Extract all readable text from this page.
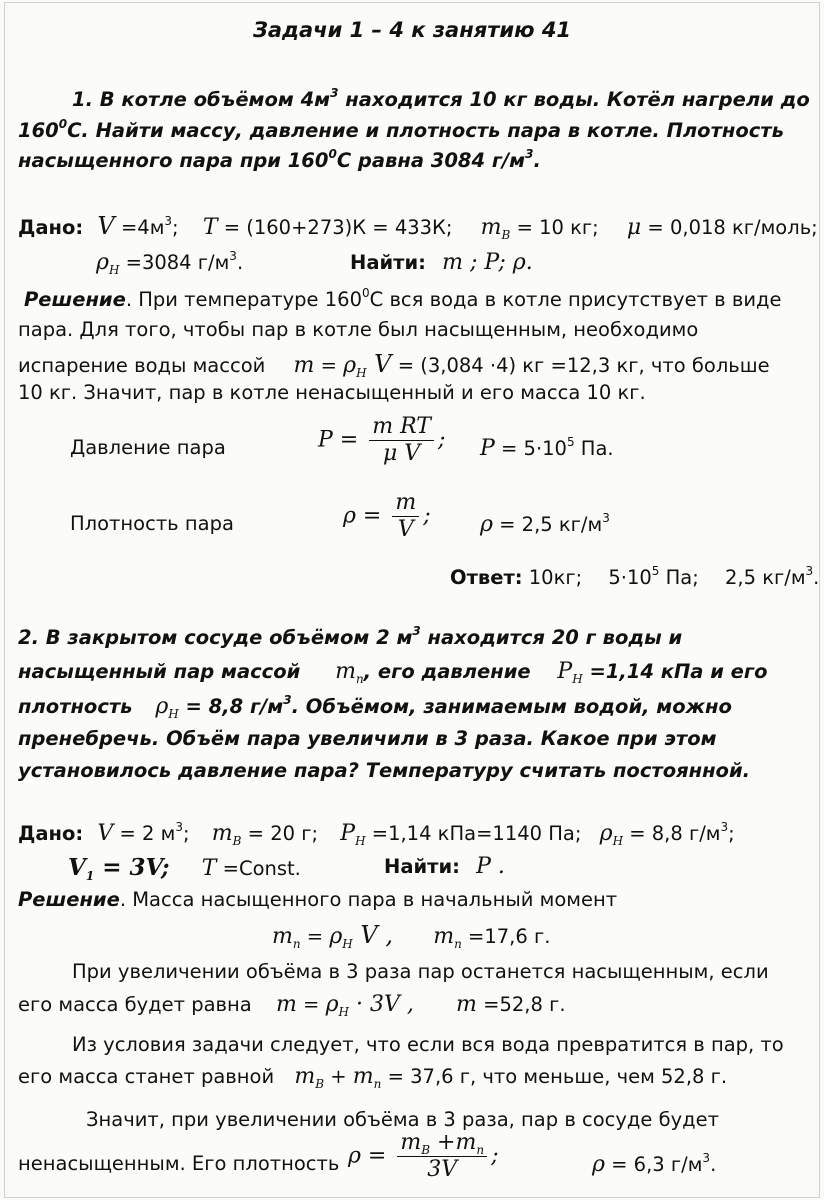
Задачи 1 – 4 к занятию 41
1. В котле объёмом $4м^3$ находится 10 кг воды. Котёл нагрели до
$160^0С$. Найти массу, давление и плотность пара в котле. Плотность
насыщенного пара при $160^0С$ равна 3084 $г/м^3$.
Дано: $V =4м^3$; T = (160+273)К = 433К; $m_B = 10$ кг; μ = 0,018 кг/моль;
$\rho_H =3084$ $г/м^3$.	Найти: m ; P; ρ.
Решение. При температуре $160^0С$ вся вода в котле присутствует в виде
пара. Для того, чтобы пар в котле был насыщенным, необходимо
испарение воды массой $m = \rho_H$ V = (3,084 ·4) кг =12,3 кг, что больше
10 кг. Значит, пар в котле ненасыщенный и его масса 10 кг.
Давление пара	$P = \frac{\text{m RT}}{\text{μ V}}$ ; $P = 5\cdot 10^5$ Па.
Плотность пара	$\rho = \frac{m}{V}$ ; ρ = 2,5 $кг/м^3$
Ответ: 10кг; $5\cdot 10^5$ Па; 2,5 $кг/м^3$.
2. В закрытом сосуде объёмом 2 $м^3$ находится 20 г воды и
насыщенный пар массой $m_n$, его давление $P_H =1,14$ кПа и его
плотность $\rho_H = 8,8$ $г/м^3$. Объёмом, занимаемым водой, можно
пренебречь. Объём пара увеличили в 3 раза. Какое при этом
установилось давление пара? Температуру считать постоянной.
Дано: V = 2 $м^3$; $m_B = 20$ г; $P_H =1,14$ кПа=1140 Па; $\rho_H = 8,8$ $г/м^3$;
$V_1 = 3V$; T =Const.	Найти: P .
Решение. Масса насыщенного пара в начальный момент
$m_n = \rho_H$ V , $m_n =17,6$ г.
При увеличении объёма в 3 раза пар останется насыщенным, если
его масса будет равна $m = \rho_H \cdot 3V$ , m =52,8 г.
Из условия задачи следует, что если вся вода превратится в пар, то
его масса станет равной $m_B + m_n = 37,6$ г, что меньше, чем 52,8 г.
Значит, при увеличении объёма в 3 раза, пар в сосуде будет
ненасыщенным. Его плотность $\rho = \frac{m_B +m_n}{3V}$ ;	ρ = 6,3 $г/м^3$.
